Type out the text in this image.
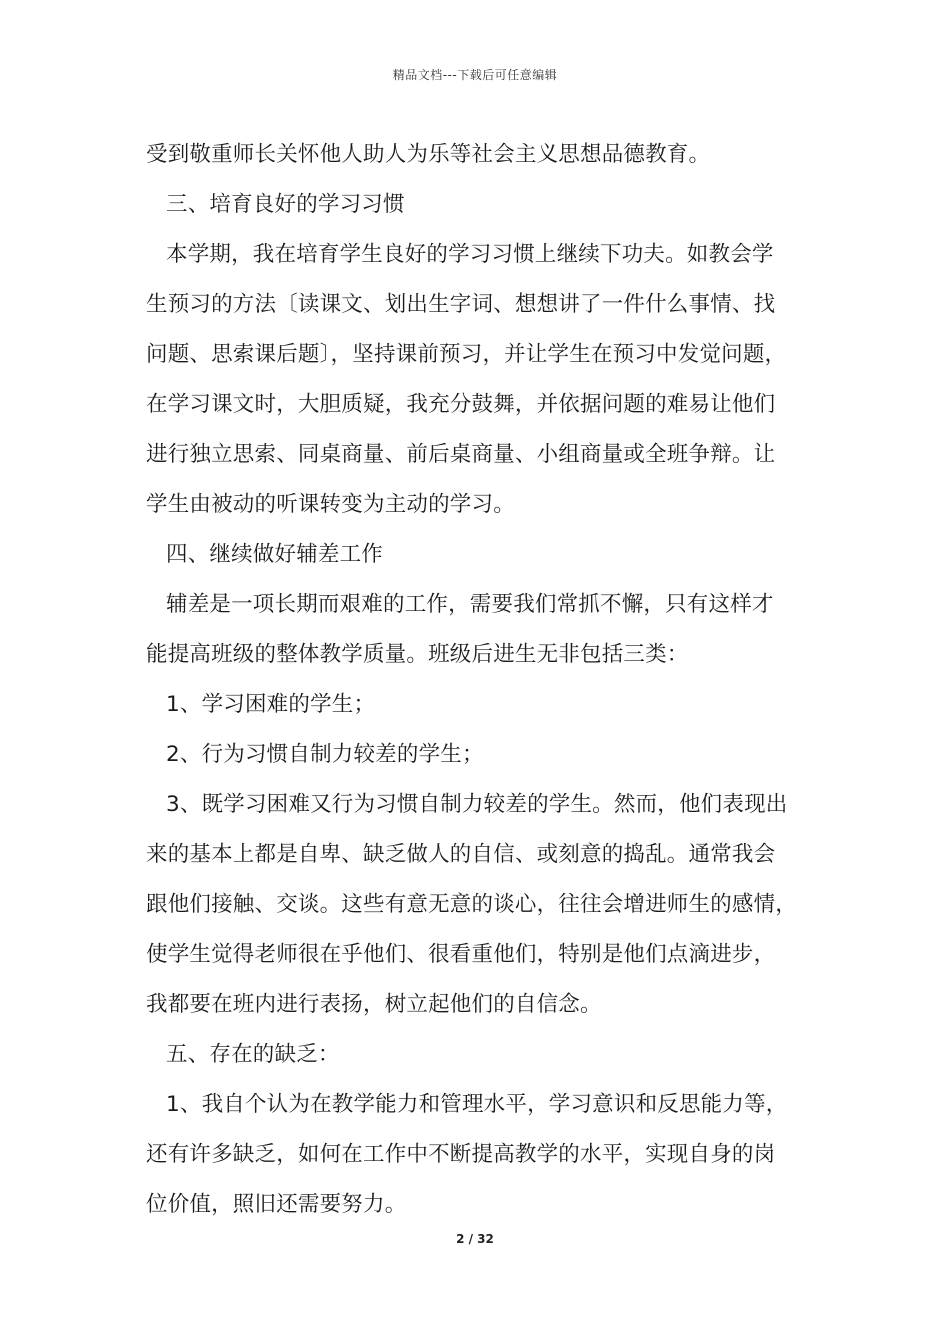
精品文档---下载后可任意编辑
受到敬重师长关怀他人助人为乐等社会主义思想品德教育。
三、培育良好的学习习惯
本学期，我在培育学生良好的学习习惯上继续下功夫。如教会学
生预习的方法〔读课文、划出生字词、想想讲了一件什么事情、找
问题、思索课后题〕，坚持课前预习，并让学生在预习中发觉问题，
在学习课文时，大胆质疑，我充分鼓舞，并依据问题的难易让他们
进行独立思索、同桌商量、前后桌商量、小组商量或全班争辩。让
学生由被动的听课转变为主动的学习。
四、继续做好辅差工作
辅差是一项长期而艰难的工作，需要我们常抓不懈，只有这样才
能提高班级的整体教学质量。班级后进生无非包括三类：
1、学习困难的学生；
2、行为习惯自制力较差的学生；
3、既学习困难又行为习惯自制力较差的学生。然而，他们表现出
来的基本上都是自卑、缺乏做人的自信、或刻意的捣乱。通常我会
跟他们接触、交谈。这些有意无意的谈心，往往会增进师生的感情，
使学生觉得老师很在乎他们、很看重他们，特别是他们点滴进步，
我都要在班内进行表扬，树立起他们的自信念。
五、存在的缺乏：
1、我自个认为在教学能力和管理水平，学习意识和反思能力等，
还有许多缺乏，如何在工作中不断提高教学的水平，实现自身的岗
位价值，照旧还需要努力。
2 / 32
